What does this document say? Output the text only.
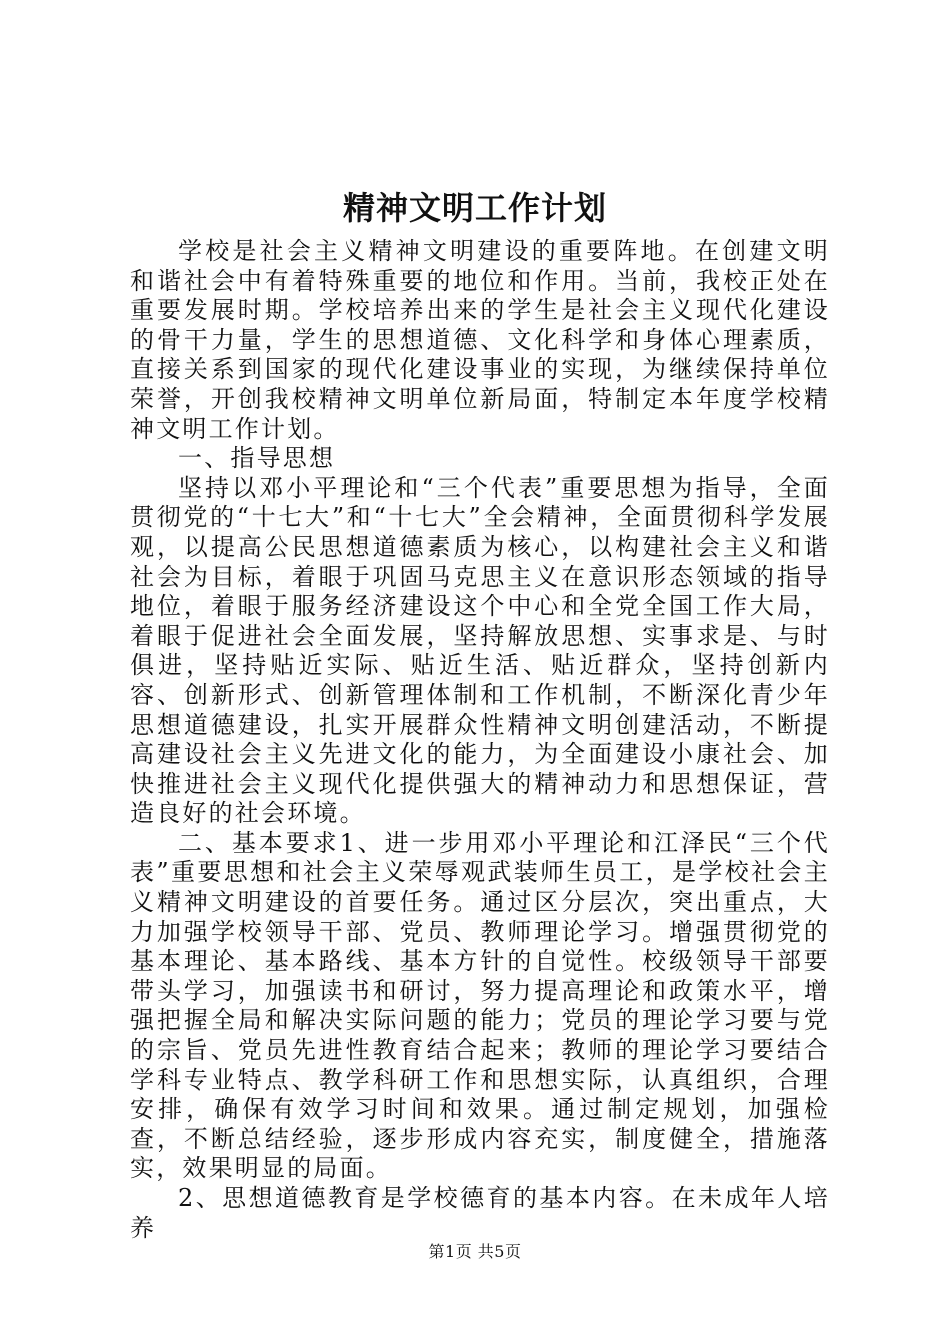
精神文明工作计划

学校是社会主义精神文明建设的重要阵地。在创建文明和谐社会中有着特殊重要的地位和作用。当前，我校正处在重要发展时期。学校培养出来的学生是社会主义现代化建设的骨干力量，学生的思想道德、文化科学和身体心理素质，直接关系到国家的现代化建设事业的实现，为继续保持单位荣誉，开创我校精神文明单位新局面，特制定本年度学校精神文明工作计划。

一、指导思想

坚持以邓小平理论和“三个代表”重要思想为指导，全面贯彻党的“十七大”和“十七大”全会精神，全面贯彻科学发展观，以提高公民思想道德素质为核心，以构建社会主义和谐社会为目标，着眼于巩固马克思主义在意识形态领域的指导地位，着眼于服务经济建设这个中心和全党全国工作大局，着眼于促进社会全面发展，坚持解放思想、实事求是、与时俱进，坚持贴近实际、贴近生活、贴近群众，坚持创新内容、创新形式、创新管理体制和工作机制，不断深化青少年思想道德建设，扎实开展群众性精神文明创建活动，不断提高建设社会主义先进文化的能力，为全面建设小康社会、加快推进社会主义现代化提供强大的精神动力和思想保证，营造良好的社会环境。

二、基本要求1、进一步用邓小平理论和江泽民“三个代表”重要思想和社会主义荣辱观武装师生员工，是学校社会主义精神文明建设的首要任务。通过区分层次，突出重点，大力加强学校领导干部、党员、教师理论学习。增强贯彻党的基本理论、基本路线、基本方针的自觉性。校级领导干部要带头学习，加强读书和研讨，努力提高理论和政策水平，增强把握全局和解决实际问题的能力；党员的理论学习要与党的宗旨、党员先进性教育结合起来；教师的理论学习要结合学科专业特点、教学科研工作和思想实际，认真组织，合理安排，确保有效学习时间和效果。通过制定规划，加强检查，不断总结经验，逐步形成内容充实，制度健全，措施落实，效果明显的局面。

2、思想道德教育是学校德育的基本内容。在未成年人培养

第1页 共5页
